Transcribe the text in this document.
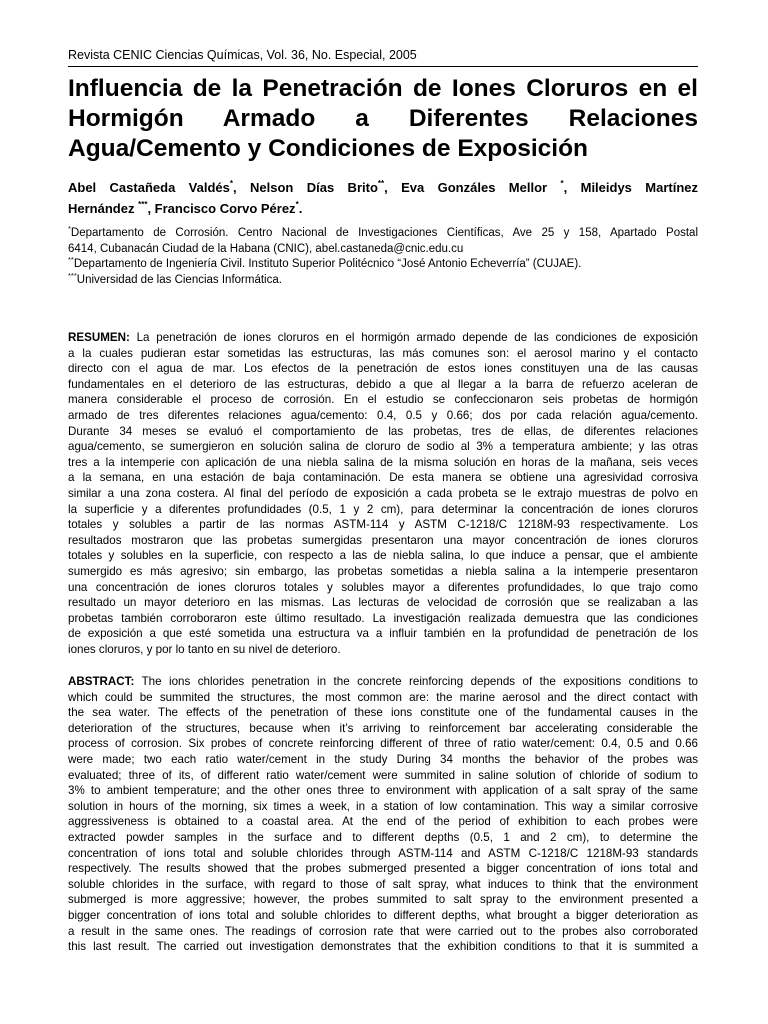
Revista CENIC Ciencias Químicas, Vol. 36, No. Especial, 2005
Influencia de la Penetración de Iones Cloruros en el
Hormigón Armado a Diferentes Relaciones
Agua/Cemento y Condiciones de Exposición
Abel Castañeda Valdés*, Nelson Días Brito**, Eva Gonzáles Mellor *, Mileidys Martínez
Hernández ***, Francisco Corvo Pérez*.
*Departamento de Corrosión. Centro Nacional de Investigaciones Científicas, Ave 25 y 158, Apartado Postal
6414, Cubanacán Ciudad de la Habana (CNIC), abel.castaneda@cnic.edu.cu
**Departamento de Ingeniería Civil. Instituto Superior Politécnico “José Antonio Echeverría” (CUJAE).
***Universidad de las Ciencias Informática.
RESUMEN: La penetración de iones cloruros en el hormigón armado depende de las condiciones de exposición
a la cuales pudieran estar sometidas las estructuras, las más comunes son: el aerosol marino y el contacto
directo con el agua de mar. Los efectos de la penetración de estos iones constituyen una de las causas
fundamentales en el deterioro de las estructuras, debido a que al llegar a la barra de refuerzo aceleran de
manera considerable el proceso de corrosión. En el estudio se confeccionaron seis probetas de hormigón
armado de tres diferentes relaciones agua/cemento: 0.4, 0.5 y 0.66; dos por cada relación agua/cemento.
Durante 34 meses se evaluó el comportamiento de las probetas, tres de ellas, de diferentes relaciones
agua/cemento, se sumergieron en solución salina de cloruro de sodio al 3% a temperatura ambiente; y las otras
tres a la intemperie con aplicación de una niebla salina de la misma solución en horas de la mañana, seis veces
a la semana, en una estación de baja contaminación. De esta manera se obtiene una agresividad corrosiva
similar a una zona costera. Al final del período de exposición a cada probeta se le extrajo muestras de polvo en
la superficie y a diferentes profundidades (0.5, 1 y 2 cm), para determinar la concentración de iones cloruros
totales y solubles a partir de las normas ASTM-114 y ASTM C-1218/C 1218M-93 respectivamente. Los
resultados mostraron que las probetas sumergidas presentaron una mayor concentración de iones cloruros
totales y solubles en la superficie, con respecto a las de niebla salina, lo que induce a pensar, que el ambiente
sumergido es más agresivo; sin embargo, las probetas sometidas a niebla salina a la intemperie presentaron
una concentración de iones cloruros totales y solubles mayor a diferentes profundidades, lo que trajo como
resultado un mayor deterioro en las mismas. Las lecturas de velocidad de corrosión que se realizaban a las
probetas también corroboraron este último resultado. La investigación realizada demuestra que las condiciones
de exposición a que esté sometida una estructura va a influir también en la profundidad de penetración de los
iones cloruros, y por lo tanto en su nivel de deterioro.
ABSTRACT: The ions chlorides penetration in the concrete reinforcing depends of the expositions conditions to
which could be summited the structures, the most common are: the marine aerosol and the direct contact with
the sea water. The effects of the penetration of these ions constitute one of the fundamental causes in the
deterioration of the structures, because when it’s arriving to reinforcement bar accelerating considerable the
process of corrosion. Six probes of concrete reinforcing different of three of ratio water/cement: 0.4, 0.5 and 0.66
were made; two each ratio water/cement in the study During 34 months the behavior of the probes was
evaluated; three of its, of different ratio water/cement were summited in saline solution of chloride of sodium to
3% to ambient temperature; and the other ones three to environment with application of a salt spray of the same
solution in hours of the morning, six times a week, in a station of low contamination. This way a similar corrosive
aggressiveness is obtained to a coastal area. At the end of the period of exhibition to each probes were
extracted powder samples in the surface and to different depths (0.5, 1 and 2 cm), to determine the
concentration of ions total and soluble chlorides through ASTM-114 and ASTM C-1218/C 1218M-93 standards
respectively. The results showed that the probes submerged presented a bigger concentration of ions total and
soluble chlorides in the surface, with regard to those of salt spray, what induces to think that the environment
submerged is more aggressive; however, the probes summited to salt spray to the environment presented a
bigger concentration of ions total and soluble chlorides to different depths, what brought a bigger deterioration as
a result in the same ones. The readings of corrosion rate that were carried out to the probes also corroborated
this last result. The carried out investigation demonstrates that the exhibition conditions to that it is summited a
